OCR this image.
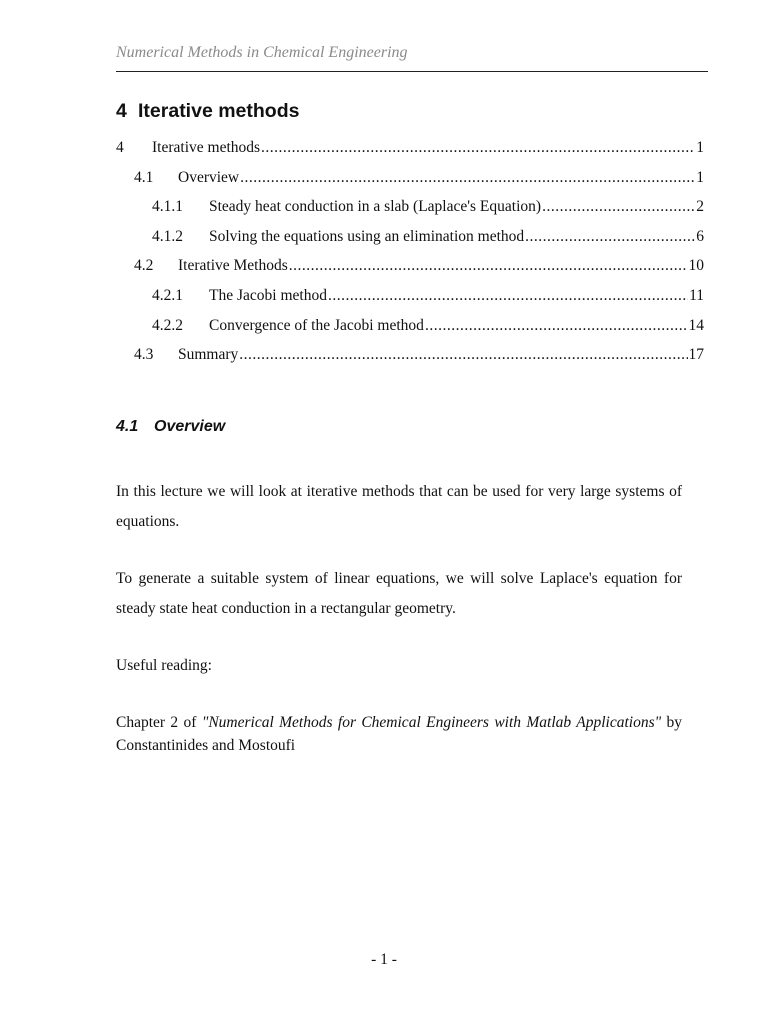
Numerical Methods in Chemical Engineering
4 Iterative methods
4	Iterative methods .....	1
4.1	Overview .....	1
4.1.1	Steady heat conduction in a slab (Laplace's Equation) .....	2
4.1.2	Solving the equations using an elimination method .....	6
4.2	Iterative Methods .....	10
4.2.1	The Jacobi method .....	11
4.2.2	Convergence of the Jacobi method .....	14
4.3	Summary .....	17
4.1 Overview

In this lecture we will look at iterative methods that can be used for very large systems of equations.

To generate a suitable system of linear equations, we will solve Laplace's equation for steady state heat conduction in a rectangular geometry.

Useful reading:

Chapter 2 of "Numerical Methods for Chemical Engineers with Matlab Applications" by Constantinides and Mostoufi

- 1 -
